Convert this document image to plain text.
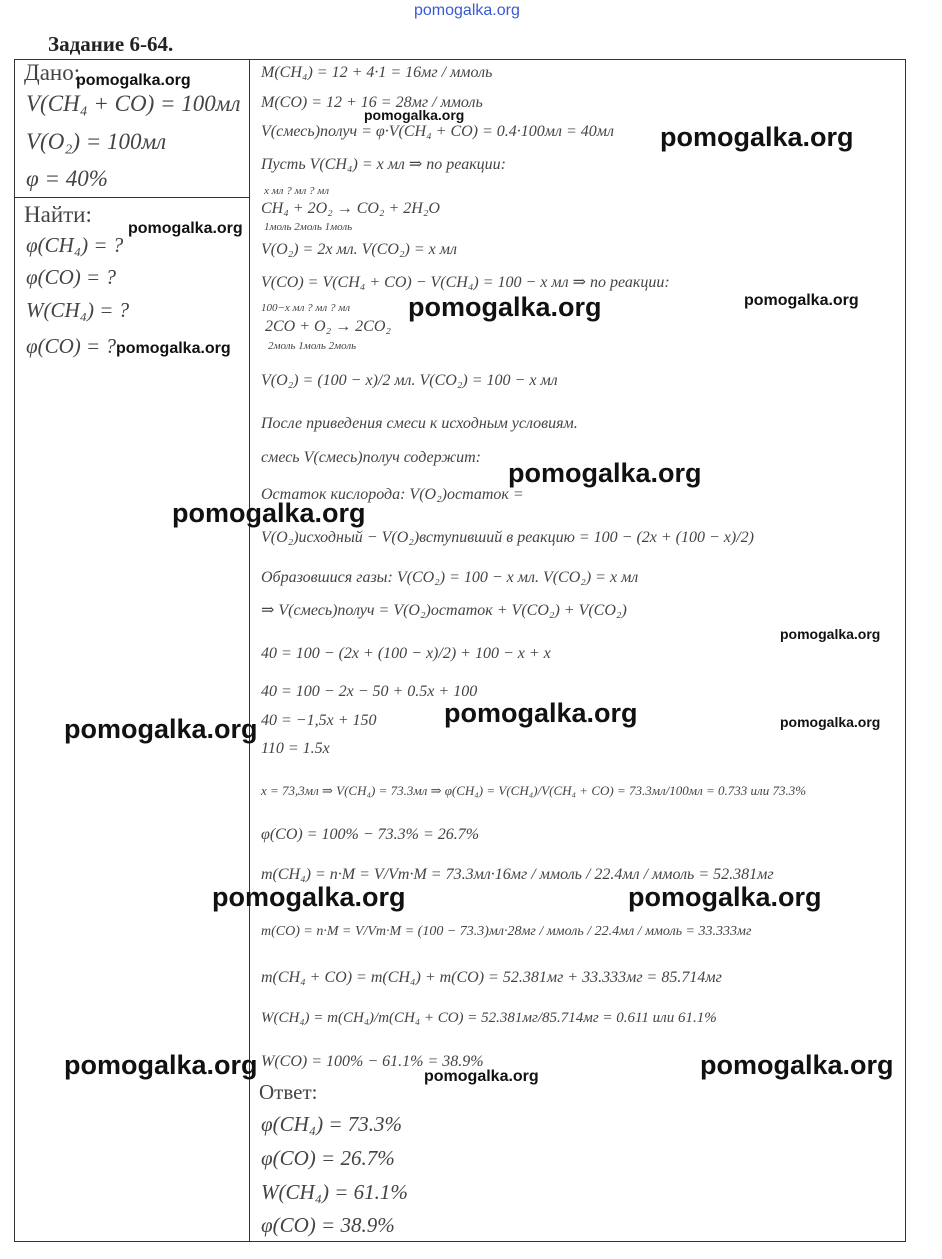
pomogalka.org
Задание 6-64.
Дано:
V(CH₄ + CO) = 100мл
V(O₂) = 100мл
φ = 40%
Найти:
φ(CH₄) = ?
φ(CO) = ?
W(CH₄) = ?
φ(CO) = ?
M(CH₄) = 12 + 4·1 = 16мг / ммоль
M(CO) = 12 + 16 = 28мг / ммоль
V(смесь)получ = φ·V(CH₄ + CO) = 0.4·100мл = 40мл
Пусть V(CH₄) = x мл ⇒ по реакции:
x мл ? мл ? мл
CH₄ + 2O₂ → CO₂ + 2H₂O
1моль 2моль 1моль
V(O₂) = 2x мл. V(CO₂) = x мл
V(CO) = V(CH₄ + CO) − V(CH₄) = 100 − x мл ⇒ по реакции:
100−x мл ? мл ? мл
2CO + O₂ → 2CO₂
2моль 1моль 2моль
V(O₂) = (100 − x)/2 мл. V(CO₂) = 100 − x мл
После приведения смеси к исходным условиям.
смесь V(смесь)получ содержит:
Остаток кислорода: V(O₂)остаток =
V(O₂)исходный − V(O₂)вступивший в реакцию = 100 − (2x + (100 − x)/2)
Образовшися газы: V(CO₂) = 100 − x мл. V(CO₂) = x мл
⇒ V(смесь)получ = V(O₂)остаток + V(CO₂) + V(CO₂)
40 = 100 − (2x + (100 − x)/2) + 100 − x + x
40 = 100 − 2x − 50 + 0.5x + 100
40 = −1,5x + 150
110 = 1.5x
x = 73,3мл ⇒ V(CH₄) = 73.3мл ⇒ φ(CH₄) = V(CH₄)/V(CH₄ + CO) = 73.3мл/100мл = 0.733 или 73.3%
φ(CO) = 100% − 73.3% = 26.7%
m(CH₄) = n·M = V/Vm·M = 73.3мл·16мг / ммоль / 22.4мл / ммоль = 52.381мг
m(CO) = n·M = V/Vm·M = (100 − 73.3)мл·28мг / ммоль / 22.4мл / ммоль = 33.333мг
m(CH₄ + CO) = m(CH₄) + m(CO) = 52.381мг + 33.333мг = 85.714мг
W(CH₄) = m(CH₄)/m(CH₄ + CO) = 52.381мг/85.714мг = 0.611 или 61.1%
W(CO) = 100% − 61.1% = 38.9%
Ответ:
φ(CH₄) = 73.3%
φ(CO) = 26.7%
W(CH₄) = 61.1%
φ(CO) = 38.9%
pomogalka.org
pomogalka.org
pomogalka.org
pomogalka.org
pomogalka.org	pomogalka.org
pomogalka.org
pomogalka.org
pomogalka.org
pomogalka.org
pomogalka.org
pomogalka.org	pomogalka.org
pomogalka.org	pomogalka.org
pomogalka.org	pomogalka.org	pomogalka.org
